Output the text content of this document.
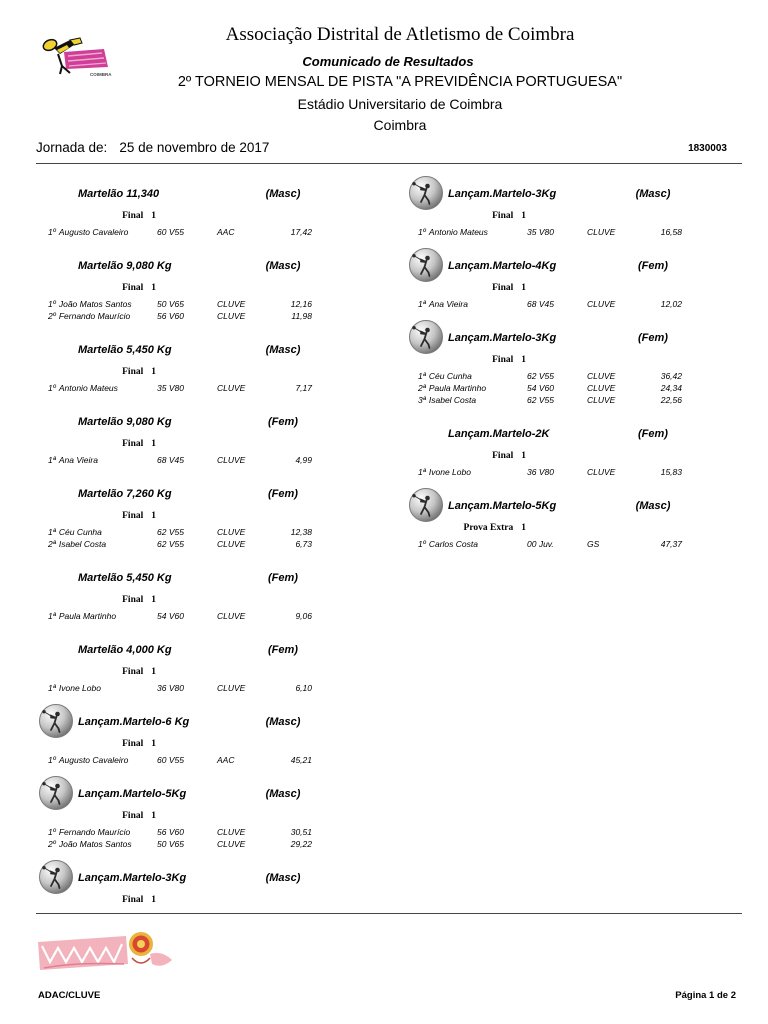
COIMBRA
Associação Distrital de Atletismo de Coimbra
Comunicado de Resultados
2º TORNEIO MENSAL DE PISTA "A PREVIDÊNCIA PORTUGUESA"
Estádio Universitario de Coimbra
Coimbra
Jornada de: 25 de novembro de 2017	1830003
Martelão 11,340	(Masc)
Final 1
1º Augusto Cavaleiro	60 V55	AAC	17,42
Martelão 9,080 Kg	(Masc)
Final 1
1º João Matos Santos	50 V65	CLUVE	12,16
2º Fernando Maurício	56 V60	CLUVE	11,98
Martelão 5,450 Kg	(Masc)
Final 1
1º Antonio Mateus	35 V80	CLUVE	7,17
Martelão 9,080 Kg	(Fem)
Final 1
1ª Ana Vieira	68 V45	CLUVE	4,99
Martelão 7,260 Kg	(Fem)
Final 1
1ª Céu Cunha	62 V55	CLUVE	12,38
2ª Isabel Costa	62 V55	CLUVE	6,73
Martelão 5,450 Kg	(Fem)
Final 1
1ª Paula Martinho	54 V60	CLUVE	9,06
Martelão 4,000 Kg	(Fem)
Final 1
1ª Ivone Lobo	36 V80	CLUVE	6,10
Lançam.Martelo-6 Kg	(Masc)
Final 1
1º Augusto Cavaleiro	60 V55	AAC	45,21
Lançam.Martelo-5Kg	(Masc)
Final 1
1º Fernando Maurício	56 V60	CLUVE	30,51
2º João Matos Santos	50 V65	CLUVE	29,22
Lançam.Martelo-3Kg	(Masc)
Final 1
Lançam.Martelo-3Kg	(Masc)
Final 1
1º Antonio Mateus	35 V80	CLUVE	16,58
Lançam.Martelo-4Kg	(Fem)
Final 1
1ª Ana Vieira	68 V45	CLUVE	12,02
Lançam.Martelo-3Kg	(Fem)
Final 1
1ª Céu Cunha	62 V55	CLUVE	36,42
2ª Paula Martinho	54 V60	CLUVE	24,34
3ª Isabel Costa	62 V55	CLUVE	22,56
Lançam.Martelo-2K	(Fem)
Final 1
1ª Ivone Lobo	36 V80	CLUVE	15,83
Lançam.Martelo-5Kg	(Masc)
Prova Extra 1
1º Carlos Costa	00 Juv.	GS	47,37
ADAC/CLUVE	Página 1 de 2
